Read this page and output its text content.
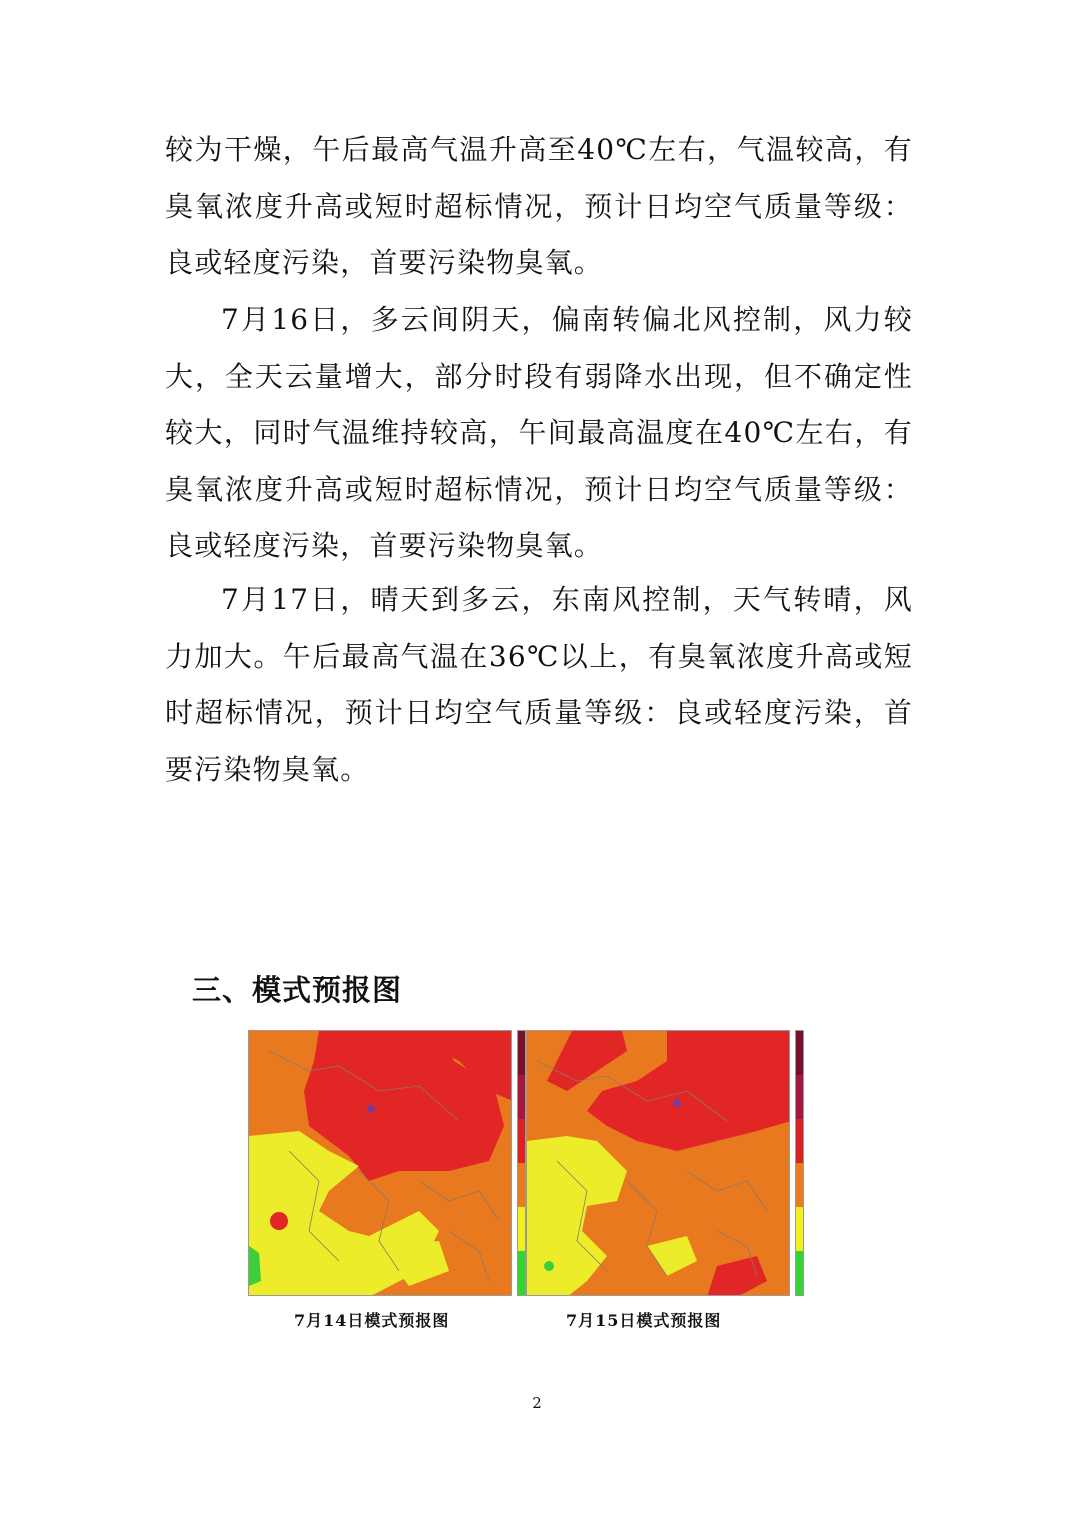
较为干燥，午后最高气温升高至40℃左右，气温较高，有臭氧浓度升高或短时超标情况，预计日均空气质量等级：良或轻度污染，首要污染物臭氧。

7月16日，多云间阴天，偏南转偏北风控制，风力较大，全天云量增大，部分时段有弱降水出现，但不确定性较大，同时气温维持较高，午间最高温度在40℃左右，有臭氧浓度升高或短时超标情况，预计日均空气质量等级：良或轻度污染，首要污染物臭氧。

7月17日，晴天到多云，东南风控制，天气转晴，风力加大。午后最高气温在36℃以上，有臭氧浓度升高或短时超标情况，预计日均空气质量等级：良或轻度污染，首要污染物臭氧。

三、模式预报图
7月14日模式预报图	7月15日模式预报图
2
